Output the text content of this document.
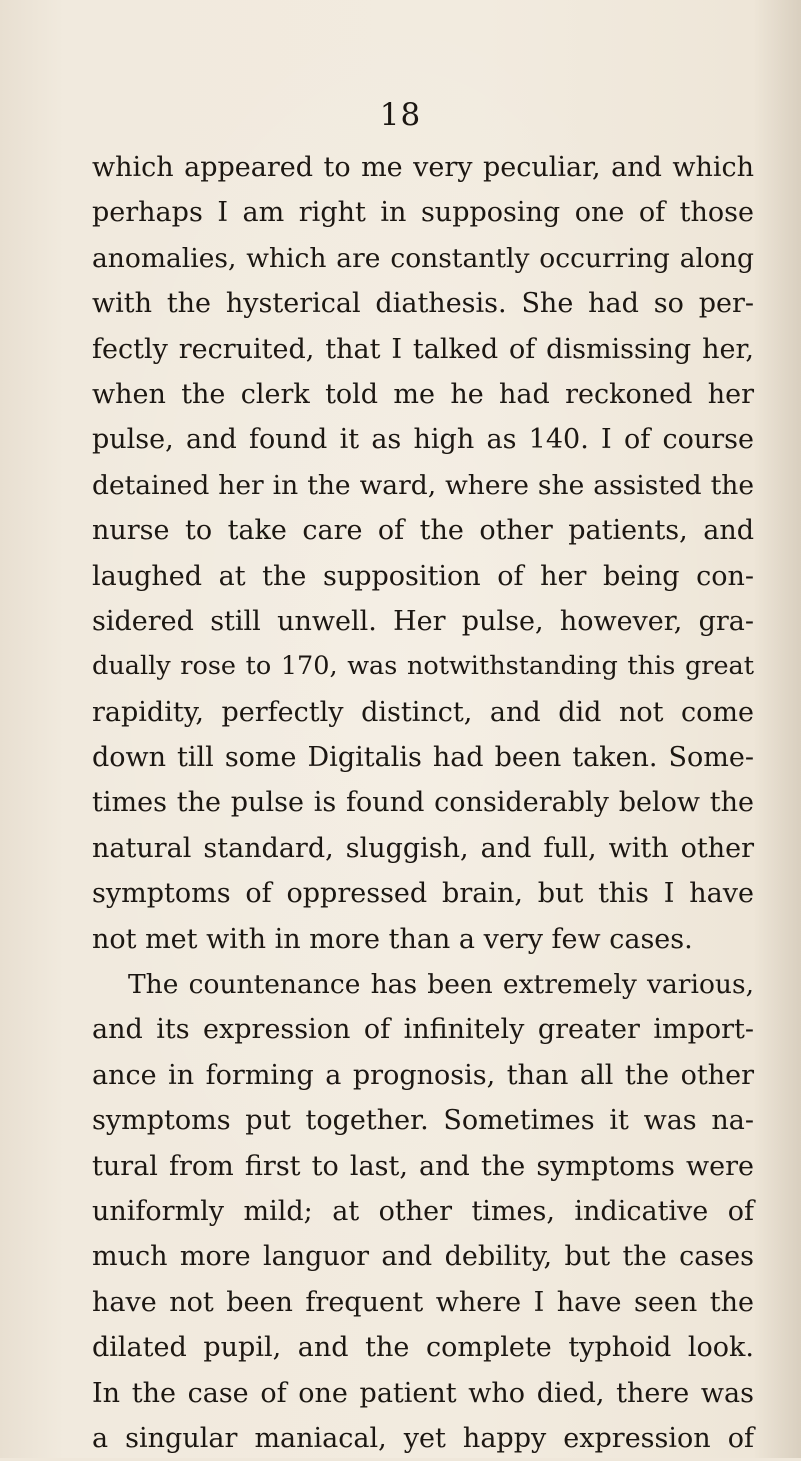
18
which appeared to me very peculiar, and which
perhaps I am right in supposing one of those
anomalies, which are constantly occurring along
with the hysterical diathesis. She had so per-
fectly recruited, that I talked of dismissing her,
when the clerk told me he had reckoned her
pulse, and found it as high as 140. I of course
detained her in the ward, where she assisted the
nurse to take care of the other patients, and
laughed at the supposition of her being con-
sidered still unwell. Her pulse, however, gra-
dually rose to 170, was notwithstanding this great
rapidity, perfectly distinct, and did not come
down till some Digitalis had been taken. Some-
times the pulse is found considerably below the
natural standard, sluggish, and full, with other
symptoms of oppressed brain, but this I have
not met with in more than a very few cases.
The countenance has been extremely various,
and its expression of infinitely greater import-
ance in forming a prognosis, than all the other
symptoms put together. Sometimes it was na-
tural from first to last, and the symptoms were
uniformly mild; at other times, indicative of
much more languor and debility, but the cases
have not been frequent where I have seen the
dilated pupil, and the complete typhoid look.
In the case of one patient who died, there was
a singular maniacal, yet happy expression of
